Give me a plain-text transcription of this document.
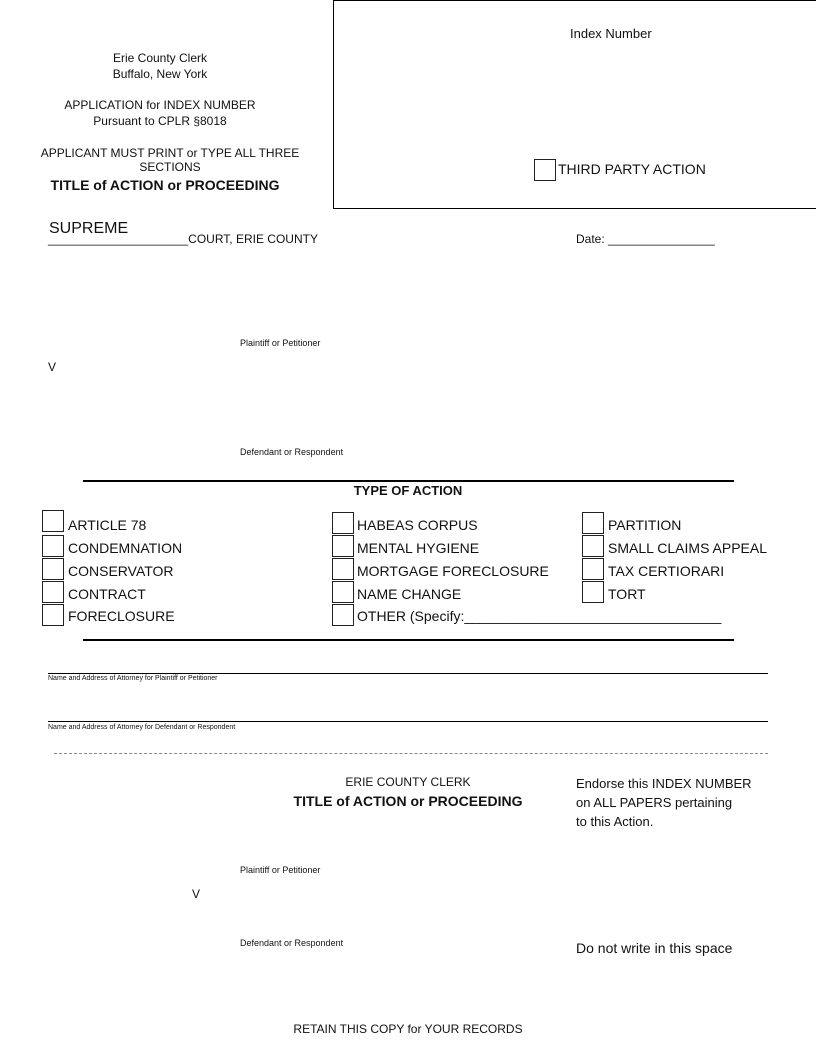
Erie County Clerk
Buffalo, New York
APPLICATION for INDEX NUMBER
Pursuant to CPLR §8018
APPLICANT MUST PRINT or TYPE ALL THREE SECTIONS
TITLE of ACTION or PROCEEDING
Index Number
THIRD PARTY ACTION
SUPREME
_____________________COURT, ERIE COUNTY	Date: ________________
Plaintiff or Petitioner
V
Defendant or Respondent
TYPE OF ACTION
ARTICLE 78
CONDEMNATION
CONSERVATOR
CONTRACT
FORECLOSURE
HABEAS CORPUS
MENTAL HYGIENE
MORTGAGE FORECLOSURE
NAME CHANGE
OTHER (Specify:_________________________________
PARTITION
SMALL CLAIMS APPEAL
TAX CERTIORARI
TORT
Name and Address of Attorney for Plaintiff or Petitioner
Name and Address of Attorney for Defendant or Respondent
ERIE COUNTY CLERK
TITLE of ACTION or PROCEEDING
Endorse this INDEX NUMBER
on ALL PAPERS pertaining
to this Action.
Plaintiff or Petitioner
V
Defendant or Respondent	Do not write in this space
RETAIN THIS COPY for YOUR RECORDS
